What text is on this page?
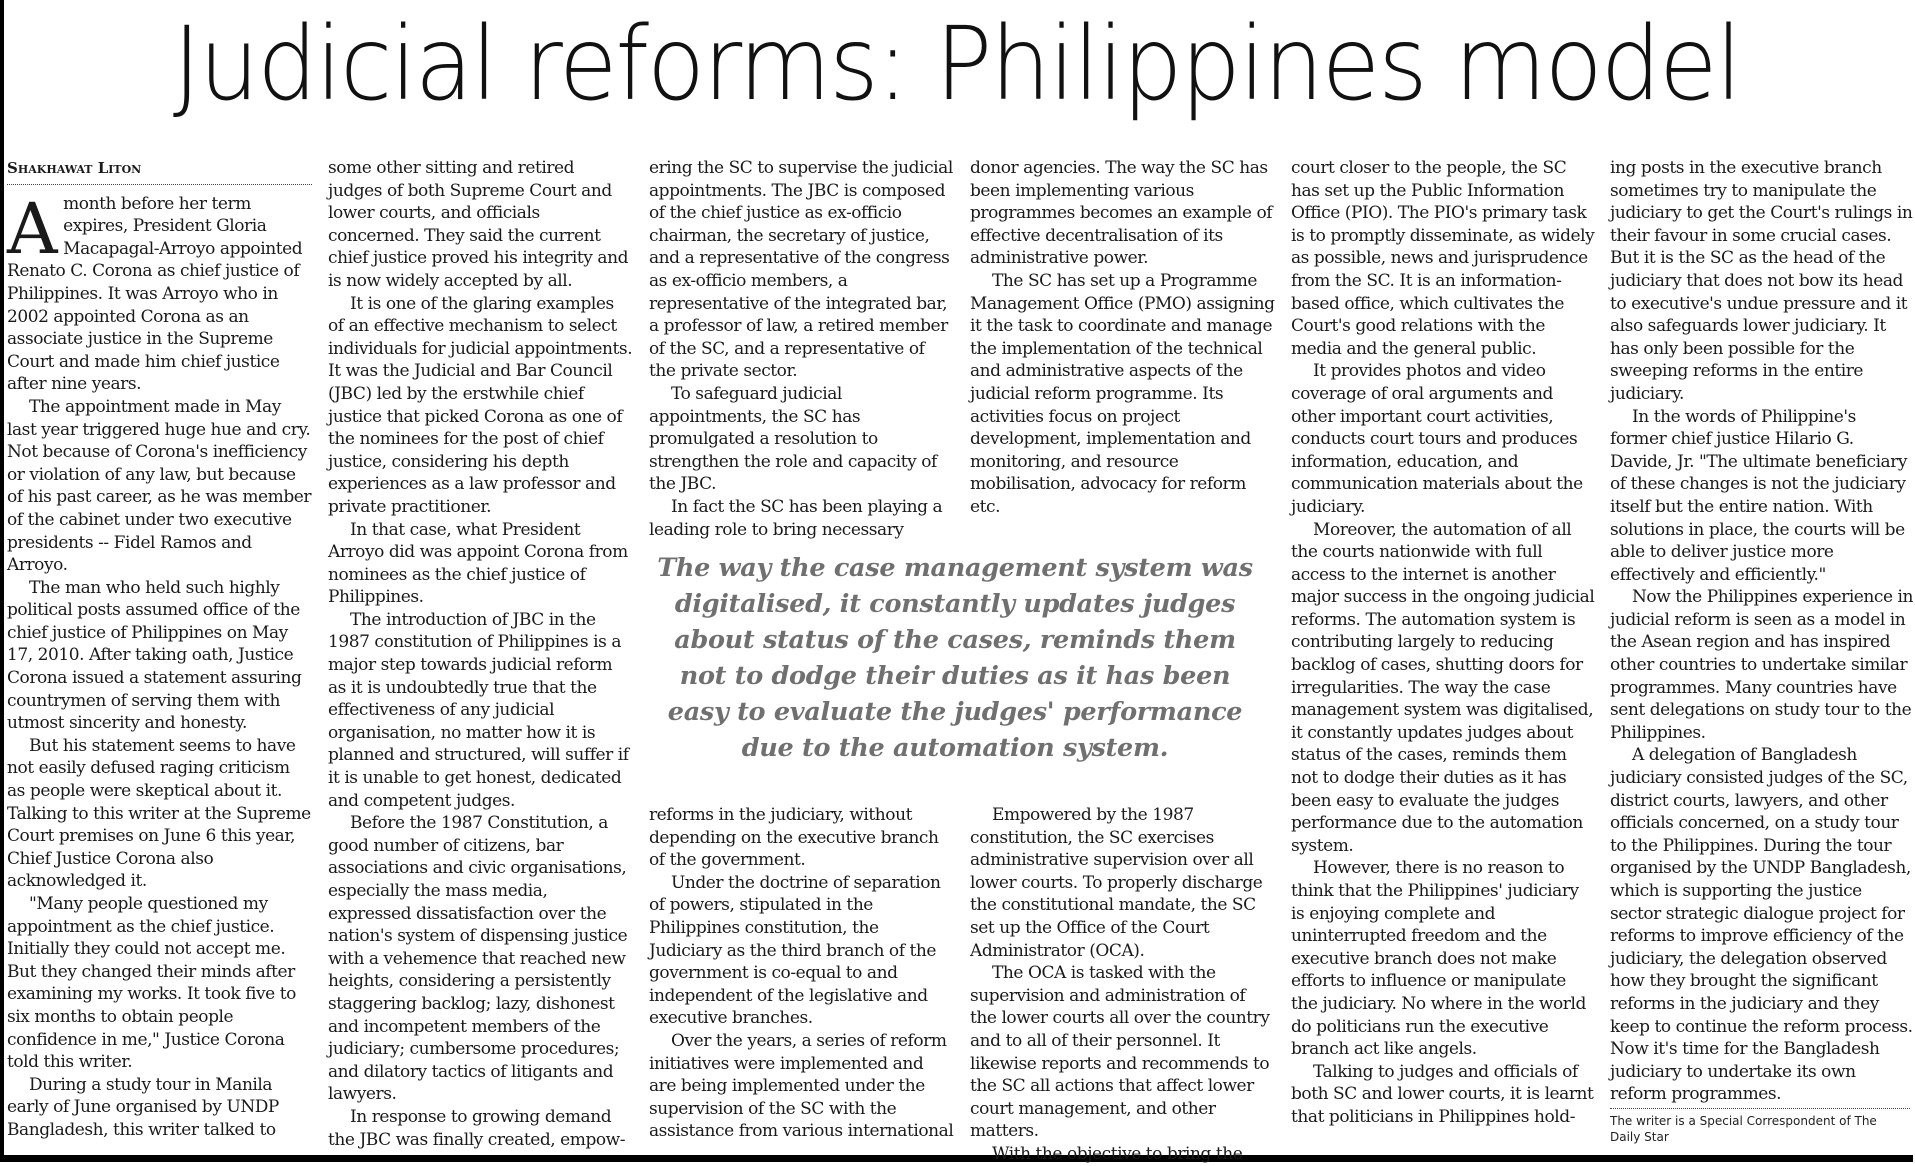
Judicial reforms: Philippines model
Shakhawat Liton

A month before her term expires, President Gloria Macapagal-Arroyo appointed Renato C. Corona as chief justice of Philippines. It was Arroyo who in 2002 appointed Corona as an associate justice in the Supreme Court and made him chief justice after nine years.

The appointment made in May last year triggered huge hue and cry. Not because of Corona's inefficiency or violation of any law, but because of his past career, as he was member of the cabinet under two executive presidents -- Fidel Ramos and Arroyo.

The man who held such highly political posts assumed office of the chief justice of Philippines on May 17, 2010. After taking oath, Justice Corona issued a statement assuring countrymen of serving them with utmost sincerity and honesty.

But his statement seems to have not easily defused raging criticism as people were skeptical about it. Talking to this writer at the Supreme Court premises on June 6 this year, Chief Justice Corona also acknowledged it.

"Many people questioned my appointment as the chief justice. Initially they could not accept me. But they changed their minds after examining my works. It took five to six months to obtain people confidence in me," Justice Corona told this writer.

During a study tour in Manila early of June organised by UNDP Bangladesh, this writer talked to

some other sitting and retired judges of both Supreme Court and lower courts, and officials concerned. They said the current chief justice proved his integrity and is now widely accepted by all.

It is one of the glaring examples of an effective mechanism to select individuals for judicial appointments. It was the Judicial and Bar Council (JBC) led by the erstwhile chief justice that picked Corona as one of the nominees for the post of chief justice, considering his depth experiences as a law professor and private practitioner.

In that case, what President Arroyo did was appoint Corona from nominees as the chief justice of Philippines.

The introduction of JBC in the 1987 constitution of Philippines is a major step towards judicial reform as it is undoubtedly true that the effectiveness of any judicial organisation, no matter how it is planned and structured, will suffer if it is unable to get honest, dedicated and competent judges.

Before the 1987 Constitution, a good number of citizens, bar associations and civic organisations, especially the mass media, expressed dissatisfaction over the nation's system of dispensing justice with a vehemence that reached new heights, considering a persistently staggering backlog; lazy, dishonest and incompetent members of the judiciary; cumbersome procedures; and dilatory tactics of litigants and lawyers.

In response to growing demand the JBC was finally created, empow-

ering the SC to supervise the judicial appointments. The JBC is composed of the chief justice as ex-officio chairman, the secretary of justice, and a representative of the congress as ex-officio members, a representative of the integrated bar, a professor of law, a retired member of the SC, and a representative of the private sector.

To safeguard judicial appointments, the SC has promulgated a resolution to strengthen the role and capacity of the JBC.

In fact the SC has been playing a leading role to bring necessary

donor agencies. The way the SC has been implementing various programmes becomes an example of effective decentralisation of its administrative power.

The SC has set up a Programme Management Office (PMO) assigning it the task to coordinate and manage the implementation of the technical and administrative aspects of the judicial reform programme. Its activities focus on project development, implementation and monitoring, and resource mobilisation, advocacy for reform etc.

The way the case management system was digitalised, it constantly updates judges about status of the cases, reminds them not to dodge their duties as it has been easy to evaluate the judges' performance due to the automation system.

reforms in the judiciary, without depending on the executive branch of the government.

Under the doctrine of separation of powers, stipulated in the Philippines constitution, the Judiciary as the third branch of the government is co-equal to and independent of the legislative and executive branches.

Over the years, a series of reform initiatives were implemented and are being implemented under the supervision of the SC with the assistance from various international

Empowered by the 1987 constitution, the SC exercises administrative supervision over all lower courts. To properly discharge the constitutional mandate, the SC set up the Office of the Court Administrator (OCA).

The OCA is tasked with the supervision and administration of the lower courts all over the country and to all of their personnel. It likewise reports and recommends to the SC all actions that affect lower court management, and other matters.

With the objective to bring the

court closer to the people, the SC has set up the Public Information Office (PIO). The PIO's primary task is to promptly disseminate, as widely as possible, news and jurisprudence from the SC. It is an information-based office, which cultivates the Court's good relations with the media and the general public.

It provides photos and video coverage of oral arguments and other important court activities, conducts court tours and produces information, education, and communication materials about the judiciary.

Moreover, the automation of all the courts nationwide with full access to the internet is another major success in the ongoing judicial reforms. The automation system is contributing largely to reducing backlog of cases, shutting doors for irregularities. The way the case management system was digitalised, it constantly updates judges about status of the cases, reminds them not to dodge their duties as it has been easy to evaluate the judges performance due to the automation system.

However, there is no reason to think that the Philippines' judiciary is enjoying complete and uninterrupted freedom and the executive branch does not make efforts to influence or manipulate the judiciary. No where in the world do politicians run the executive branch act like angels.

Talking to judges and officials of both SC and lower courts, it is learnt that politicians in Philippines hold-

ing posts in the executive branch sometimes try to manipulate the judiciary to get the Court's rulings in their favour in some crucial cases. But it is the SC as the head of the judiciary that does not bow its head to executive's undue pressure and it also safeguards lower judiciary. It has only been possible for the sweeping reforms in the entire judiciary.

In the words of Philippine's former chief justice Hilario G. Davide, Jr. "The ultimate beneficiary of these changes is not the judiciary itself but the entire nation. With solutions in place, the courts will be able to deliver justice more effectively and efficiently."

Now the Philippines experience in judicial reform is seen as a model in the Asean region and has inspired other countries to undertake similar programmes. Many countries have sent delegations on study tour to the Philippines.

A delegation of Bangladesh judiciary consisted judges of the SC, district courts, lawyers, and other officials concerned, on a study tour to the Philippines. During the tour organised by the UNDP Bangladesh, which is supporting the justice sector strategic dialogue project for reforms to improve efficiency of the judiciary, the delegation observed how they brought the significant reforms in the judiciary and they keep to continue the reform process. Now it's time for the Bangladesh judiciary to undertake its own reform programmes.

The writer is a Special Correspondent of The Daily Star
